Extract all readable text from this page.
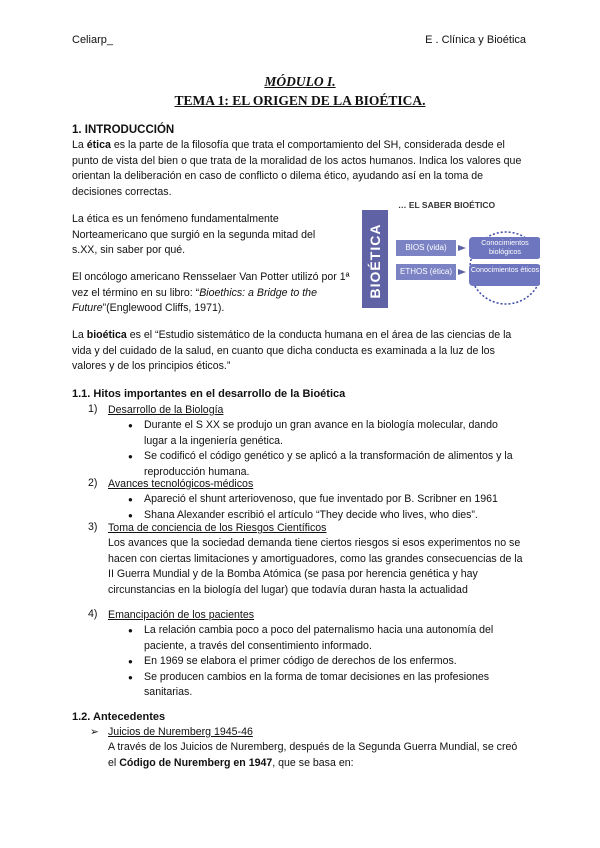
Celiarp_	E . Clínica y Bioética
MÓDULO I.
TEMA 1: EL ORIGEN DE LA BIOÉTICA.
1. INTRODUCCIÓN
La ética es la parte de la filosofía que trata el comportamiento del SH, considerada desde el punto de vista del bien o que trata de la moralidad de los actos humanos. Indica los valores que orientan la deliberación en caso de conflicto o dilema ético, ayudando así en la toma de decisiones correctas.
La ética es un fenómeno fundamentalmente Norteamericano que surgió en la segunda mitad del s.XX, sin saber por qué.
El oncólogo americano Rensselaer Van Potter utilizó por 1ª vez el término en su libro: “Bioethics: a Bridge to the Future”(Englewood Cliffs, 1971).
… EL SABER BIOÉTICO
BIOÉTICA	BIOS (vida)
ETHOS (ética)
Conocimientos biológicos
Conocimientos éticos
La bioética es el “Estudio sistemático de la conducta humana en el área de las ciencias de la vida y del cuidado de la salud, en cuanto que dicha conducta es examinada a la luz de los valores y de los principios éticos.”
1.1. Hitos importantes en el desarrollo de la Bioética
1) Desarrollo de la Biología
● Durante el S XX se produjo un gran avance en la biología molecular, dando lugar a la ingeniería genética.
● Se codificó el código genético y se aplicó a la transformación de alimentos y la reproducción humana.
2) Avances tecnológicos-médicos
● Apareció el shunt arteriovenoso, que fue inventado por B. Scribner en 1961
● Shana Alexander escribió el artículo “They decide who lives, who dies”.
3) Toma de conciencia de los Riesgos Científicos
Los avances que la sociedad demanda tiene ciertos riesgos si esos experimentos no se hacen con ciertas limitaciones y amortiguadores, como las grandes consecuencias de la II Guerra Mundial y de la Bomba Atómica (se pasa por herencia genética y hay circunstancias en la biología del lugar) que todavía duran hasta la actualidad
4) Emancipación de los pacientes
● La relación cambia poco a poco del paternalismo hacia una autonomía del paciente, a través del consentimiento informado.
● En 1969 se elabora el primer código de derechos de los enfermos.
● Se producen cambios en la forma de tomar decisiones en las profesiones sanitarias.
1.2. Antecedentes
➢ Juicios de Nuremberg 1945-46
A través de los Juicios de Nuremberg, después de la Segunda Guerra Mundial, se creó el Código de Nuremberg en 1947, que se basa en:
